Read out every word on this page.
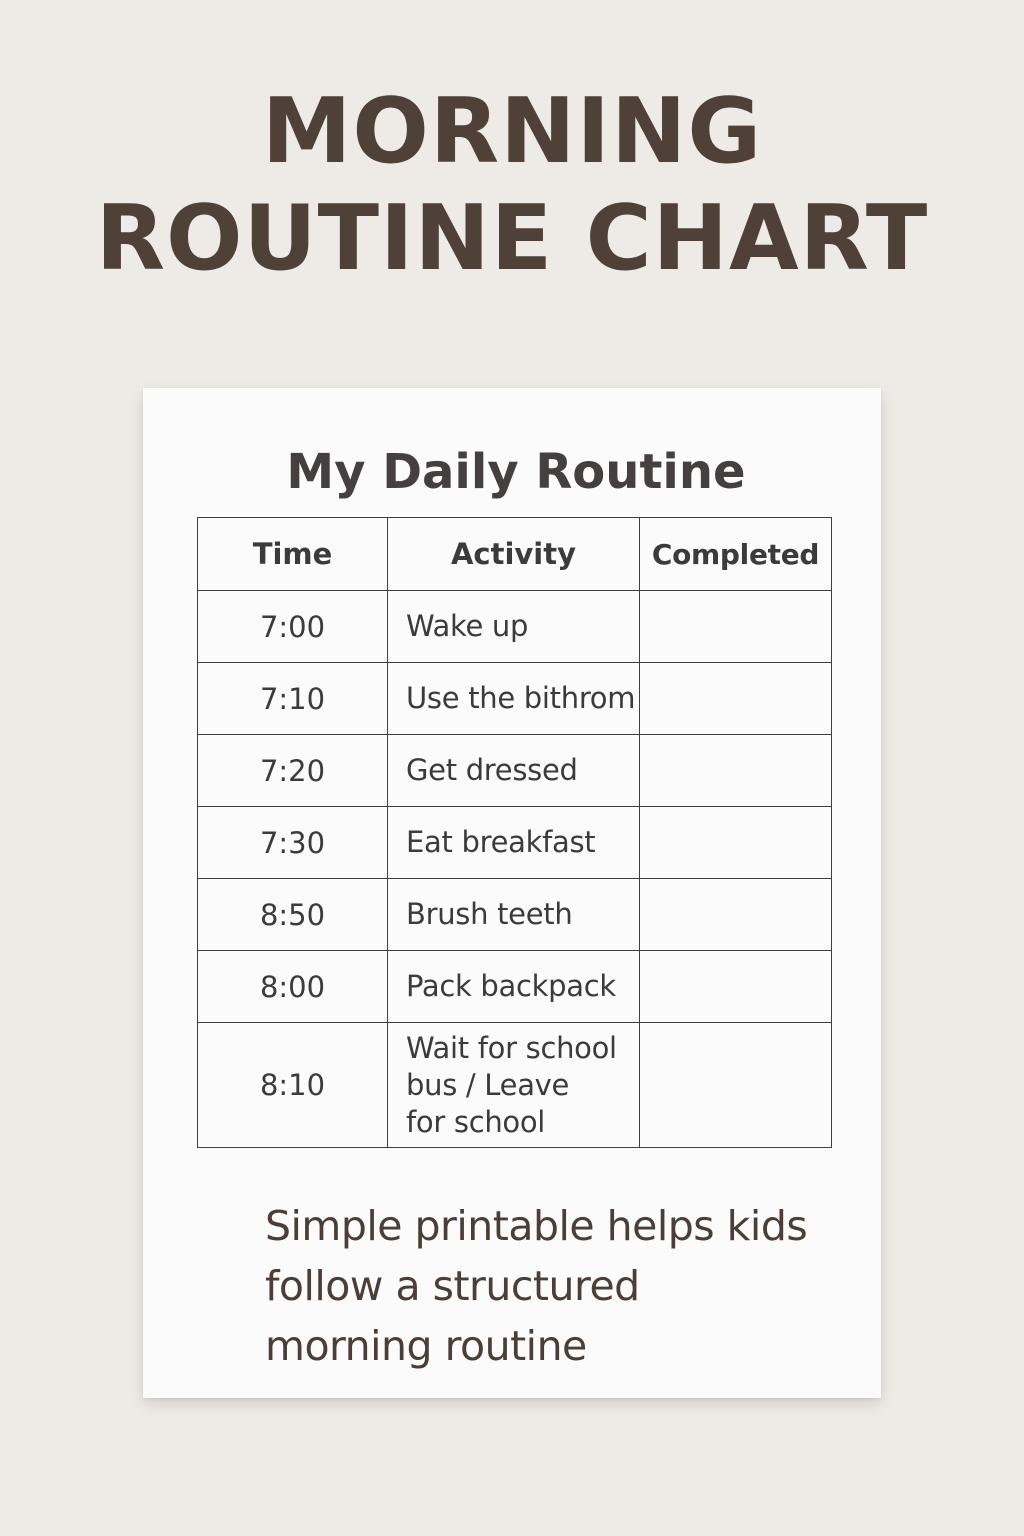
MORNING
ROUTINE CHART
My Daily Routine
Time	Activity	Completed
7:00	Wake up	
7:10	Use the bithrom	
7:20	Get dressed	
7:30	Eat breakfast	
8:50	Brush teeth	
8:00	Pack backpack	
8:10	Wait for school
bus / Leave
for school	

Simple printable helps kids
follow a structured
morning routine
